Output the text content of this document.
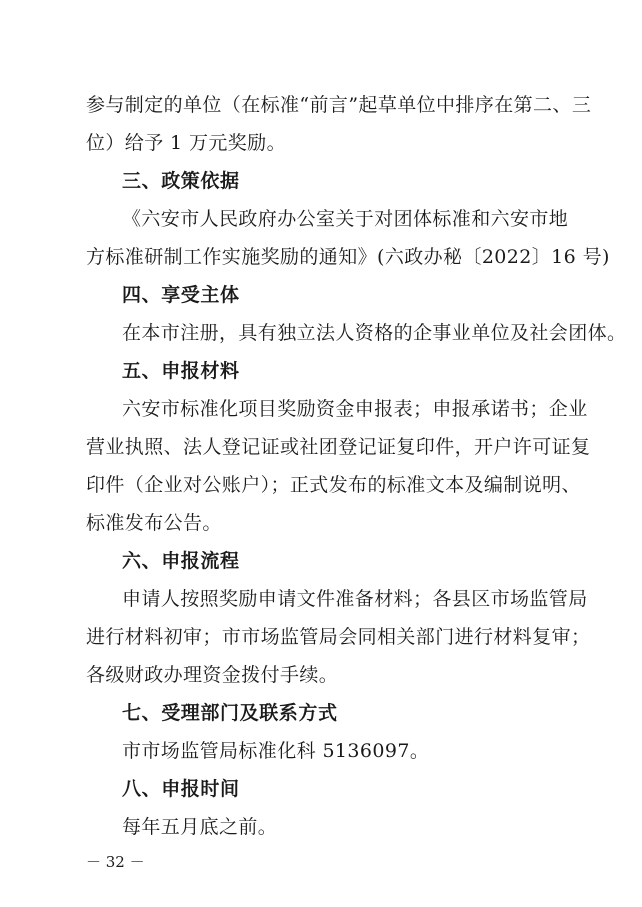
参与制定的单位（在标准“前言”起草单位中排序在第二、三
位）给予 1 万元奖励。
三、政策依据
《六安市人民政府办公室关于对团体标准和六安市地
方标准研制工作实施奖励的通知》(六政办秘〔2022〕16 号)
四、享受主体
在本市注册，具有独立法人资格的企事业单位及社会团体。
五、申报材料
六安市标准化项目奖励资金申报表；申报承诺书；企业
营业执照、法人登记证或社团登记证复印件，开户许可证复
印件（企业对公账户）；正式发布的标准文本及编制说明、
标准发布公告。
六、申报流程
申请人按照奖励申请文件准备材料；各县区市场监管局
进行材料初审；市市场监管局会同相关部门进行材料复审；
各级财政办理资金拨付手续。
七、受理部门及联系方式
市市场监管局标准化科 5136097。
八、申报时间
每年五月底之前。
－ 32 －
